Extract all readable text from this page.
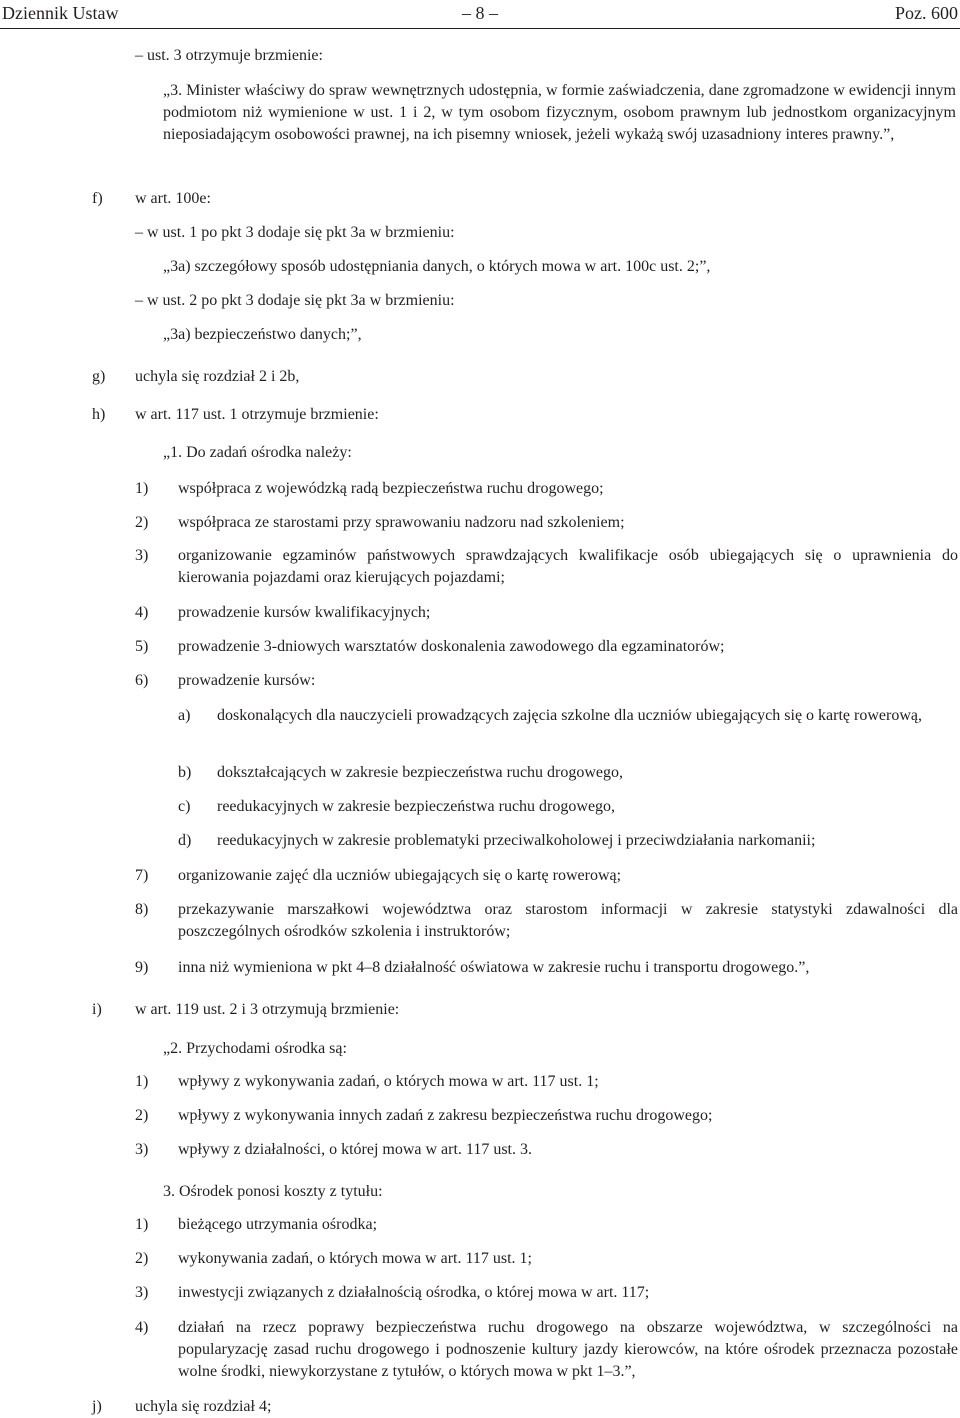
Dziennik Ustaw	– 8 –	Poz. 600
– ust. 3 otrzymuje brzmienie:
„3. Minister właściwy do spraw wewnętrznych udostępnia, w formie zaświadczenia, dane zgromadzone w ewidencji innym podmiotom niż wymienione w ust. 1 i 2, w tym osobom fizycznym, osobom prawnym lub jednostkom organizacyjnym nieposiadającym osobowości prawnej, na ich pisemny wniosek, jeżeli wykażą swój uzasadniony interes prawny.”,
f) w art. 100e:
– w ust. 1 po pkt 3 dodaje się pkt 3a w brzmieniu:
„3a) szczegółowy sposób udostępniania danych, o których mowa w art. 100c ust. 2;”,
– w ust. 2 po pkt 3 dodaje się pkt 3a w brzmieniu:
„3a) bezpieczeństwo danych;”,
g) uchyla się rozdział 2 i 2b,
h) w art. 117 ust. 1 otrzymuje brzmienie:
„1. Do zadań ośrodka należy:
1) współpraca z wojewódzką radą bezpieczeństwa ruchu drogowego;
2) współpraca ze starostami przy sprawowaniu nadzoru nad szkoleniem;
3) organizowanie egzaminów państwowych sprawdzających kwalifikacje osób ubiegających się o uprawnienia do kierowania pojazdami oraz kierujących pojazdami;
4) prowadzenie kursów kwalifikacyjnych;
5) prowadzenie 3-dniowych warsztatów doskonalenia zawodowego dla egzaminatorów;
6) prowadzenie kursów:
a) doskonalących dla nauczycieli prowadzących zajęcia szkolne dla uczniów ubiegających się o kartę rowerową,
b) dokształcających w zakresie bezpieczeństwa ruchu drogowego,
c) reedukacyjnych w zakresie bezpieczeństwa ruchu drogowego,
d) reedukacyjnych w zakresie problematyki przeciwalkoholowej i przeciwdziałania narkomanii;
7) organizowanie zajęć dla uczniów ubiegających się o kartę rowerową;
8) przekazywanie marszałkowi województwa oraz starostom informacji w zakresie statystyki zdawalności dla poszczególnych ośrodków szkolenia i instruktorów;
9) inna niż wymieniona w pkt 4–8 działalność oświatowa w zakresie ruchu i transportu drogowego.”,
i) w art. 119 ust. 2 i 3 otrzymują brzmienie:
„2. Przychodami ośrodka są:
1) wpływy z wykonywania zadań, o których mowa w art. 117 ust. 1;
2) wpływy z wykonywania innych zadań z zakresu bezpieczeństwa ruchu drogowego;
3) wpływy z działalności, o której mowa w art. 117 ust. 3.
3. Ośrodek ponosi koszty z tytułu:
1) bieżącego utrzymania ośrodka;
2) wykonywania zadań, o których mowa w art. 117 ust. 1;
3) inwestycji związanych z działalnością ośrodka, o której mowa w art. 117;
4) działań na rzecz poprawy bezpieczeństwa ruchu drogowego na obszarze województwa, w szczególności na popularyzację zasad ruchu drogowego i podnoszenie kultury jazdy kierowców, na które ośrodek przeznacza pozostałe wolne środki, niewykorzystane z tytułów, o których mowa w pkt 1–3.”,
j) uchyla się rozdział 4;
